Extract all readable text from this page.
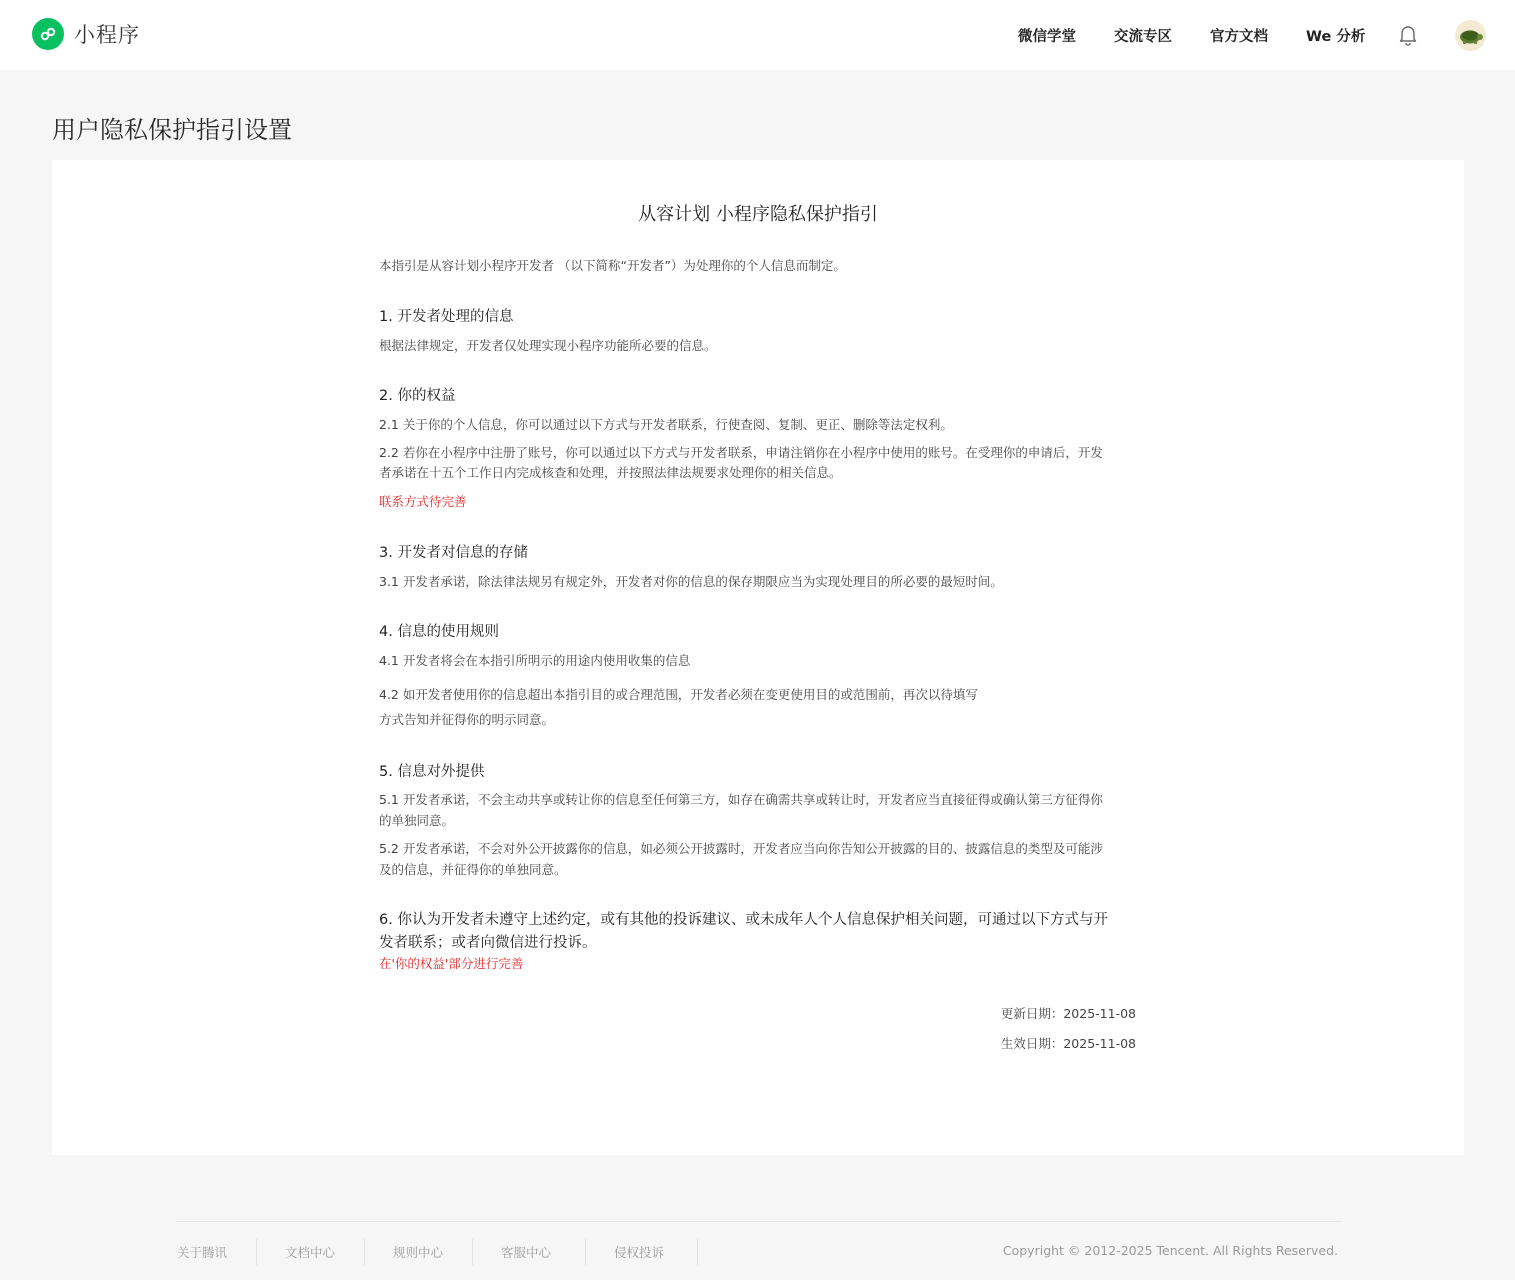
小程序	微信学堂	交流专区	官方文档	We 分析
用户隐私保护指引设置
从容计划 小程序隐私保护指引
本指引是从容计划小程序开发者 （以下简称“开发者”）为处理你的个人信息而制定。
1. 开发者处理的信息
根据法律规定，开发者仅处理实现小程序功能所必要的信息。
2. 你的权益
2.1 关于你的个人信息，你可以通过以下方式与开发者联系，行使查阅、复制、更正、删除等法定权利。
2.2 若你在小程序中注册了账号，你可以通过以下方式与开发者联系，申请注销你在小程序中使用的账号。在受理你的申请后，开发
者承诺在十五个工作日内完成核查和处理，并按照法律法规要求处理你的相关信息。
联系方式待完善
3. 开发者对信息的存储
3.1 开发者承诺，除法律法规另有规定外，开发者对你的信息的保存期限应当为实现处理目的所必要的最短时间。
4. 信息的使用规则
4.1 开发者将会在本指引所明示的用途内使用收集的信息
4.2 如开发者使用你的信息超出本指引目的或合理范围，开发者必须在变更使用目的或范围前，再次以待填写
方式告知并征得你的明示同意。
5. 信息对外提供
5.1 开发者承诺，不会主动共享或转让你的信息至任何第三方，如存在确需共享或转让时，开发者应当直接征得或确认第三方征得你
的单独同意。
5.2 开发者承诺，不会对外公开披露你的信息，如必须公开披露时，开发者应当向你告知公开披露的目的、披露信息的类型及可能涉
及的信息，并征得你的单独同意。
6. 你认为开发者未遵守上述约定，或有其他的投诉建议、或未成年人个人信息保护相关问题，可通过以下方式与开
发者联系；或者向微信进行投诉。
在'你的权益'部分进行完善
更新日期：2025-11-08
生效日期：2025-11-08
关于腾讯	文档中心	规则中心	客服中心	侵权投诉	Copyright © 2012-2025 Tencent. All Rights Reserved.
